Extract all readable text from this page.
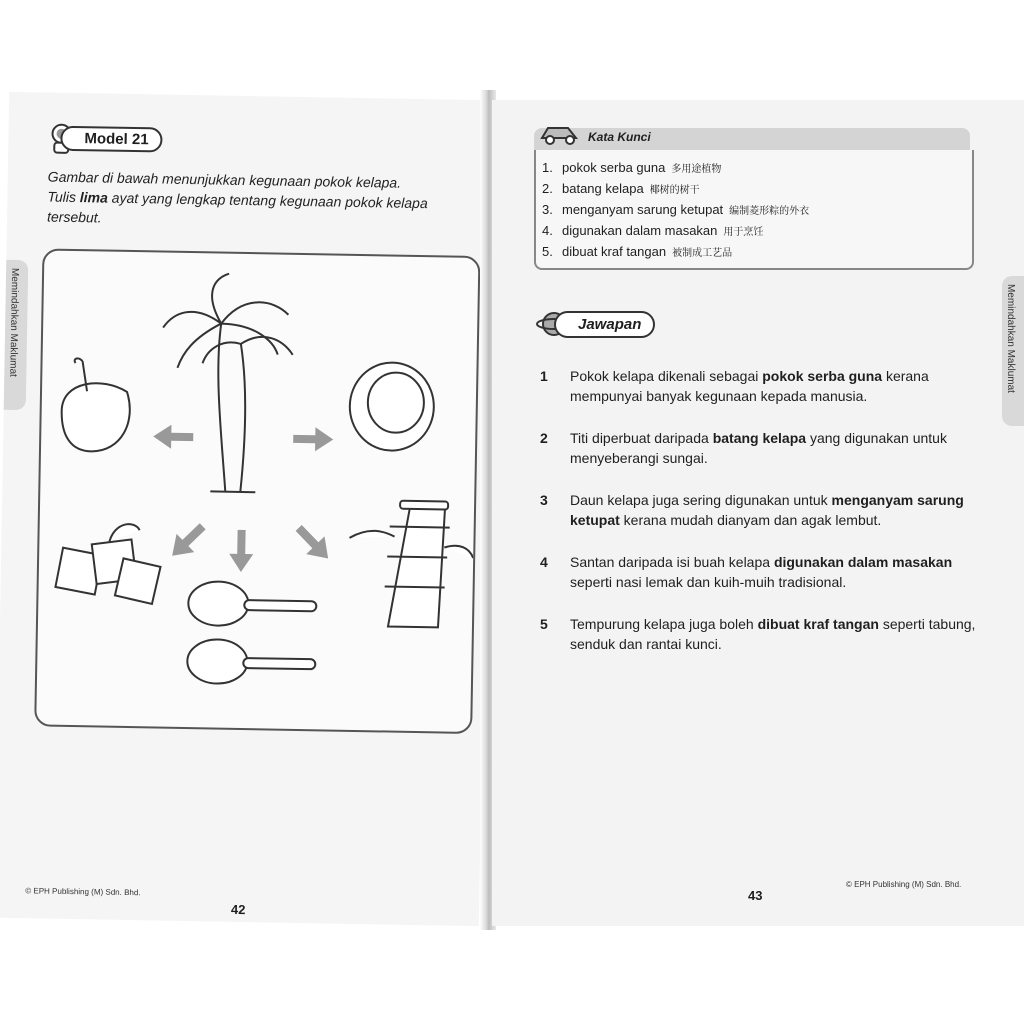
Memindahkan Maklumat
Model 21
Gambar di bawah menunjukkan kegunaan pokok kelapa.
Tulis lima ayat yang lengkap tentang kegunaan pokok kelapa
tersebut.
© EPH Publishing (M) Sdn. Bhd.
42
Memindahkan Maklumat
Kata Kunci
1. pokok serba guna 多用途植物
2. batang kelapa 椰树的树干
3. menganyam sarung ketupat 编制菱形粽的外衣
4. digunakan dalam masakan 用于烹饪
5. dibuat kraf tangan 被制成工艺品
Jawapan
1	Pokok kelapa dikenali sebagai pokok serba guna kerana mempunyai banyak kegunaan kepada manusia.
2	Titi diperbuat daripada batang kelapa yang digunakan untuk menyeberangi sungai.
3	Daun kelapa juga sering digunakan untuk menganyam sarung ketupat kerana mudah dianyam dan agak lembut.
4	Santan daripada isi buah kelapa digunakan dalam masakan seperti nasi lemak dan kuih-muih tradisional.
5	Tempurung kelapa juga boleh dibuat kraf tangan seperti tabung, senduk dan rantai kunci.
43
© EPH Publishing (M) Sdn. Bhd.
